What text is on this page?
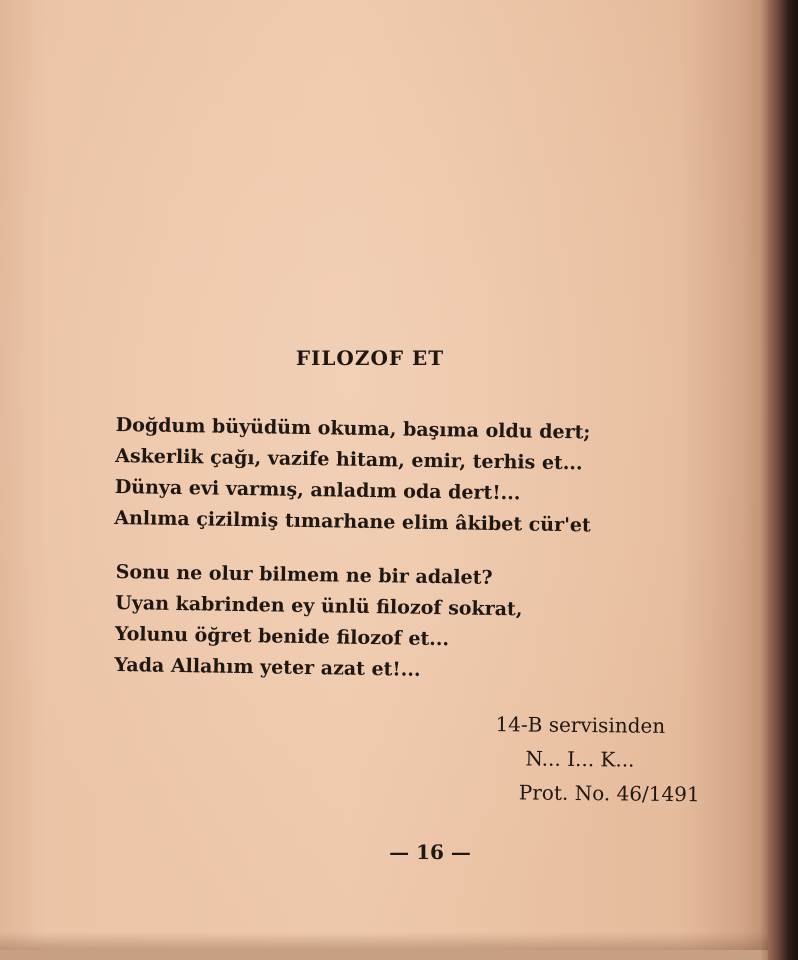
FILOZOF ET
Doğdum büyüdüm okuma, başıma oldu dert;
Askerlik çağı, vazife hitam, emir, terhis et...
Dünya evi varmış, anladım oda dert!...
Anlıma çizilmiş tımarhane elim âkibet cür'et
Sonu ne olur bilmem ne bir adalet?
Uyan kabrinden ey ünlü filozof sokrat,
Yolunu öğret benide filozof et...
Yada Allahım yeter azat et!...
14-B servisinden
N... I... K...
Prot. No. 46/1491
— 16 —
